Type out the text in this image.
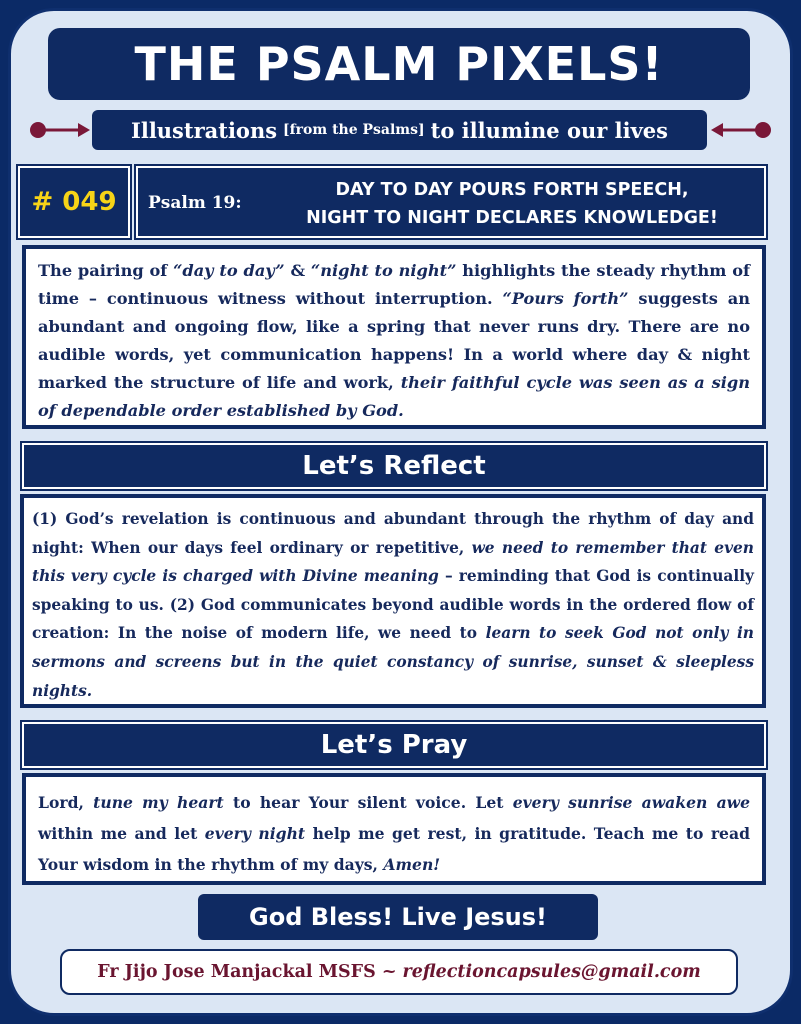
THE PSALM PIXELS!
Illustrations [from the Psalms] to illumine our lives
# 049 Psalm 19:
DAY TO DAY POURS FORTH SPEECH,
NIGHT TO NIGHT DECLARES KNOWLEDGE!
The pairing of “day to day” & “night to night” highlights the steady rhythm of time – continuous witness without interruption. “Pours forth” suggests an abundant and ongoing flow, like a spring that never runs dry. There are no audible words, yet communication happens! In a world where day & night marked the structure of life and work, their faithful cycle was seen as a sign of dependable order established by God.
Let’s Reflect
(1) God’s revelation is continuous and abundant through the rhythm of day and night: When our days feel ordinary or repetitive, we need to remember that even this very cycle is charged with Divine meaning – reminding that God is continually speaking to us. (2) God communicates beyond audible words in the ordered flow of creation: In the noise of modern life, we need to learn to seek God not only in sermons and screens but in the quiet constancy of sunrise, sunset & sleepless nights.
Let’s Pray
Lord, tune my heart to hear Your silent voice. Let every sunrise awaken awe within me and let every night help me get rest, in gratitude. Teach me to read Your wisdom in the rhythm of my days, Amen!
God Bless! Live Jesus!
Fr Jijo Jose Manjackal MSFS ~ reflectioncapsules@gmail.com
